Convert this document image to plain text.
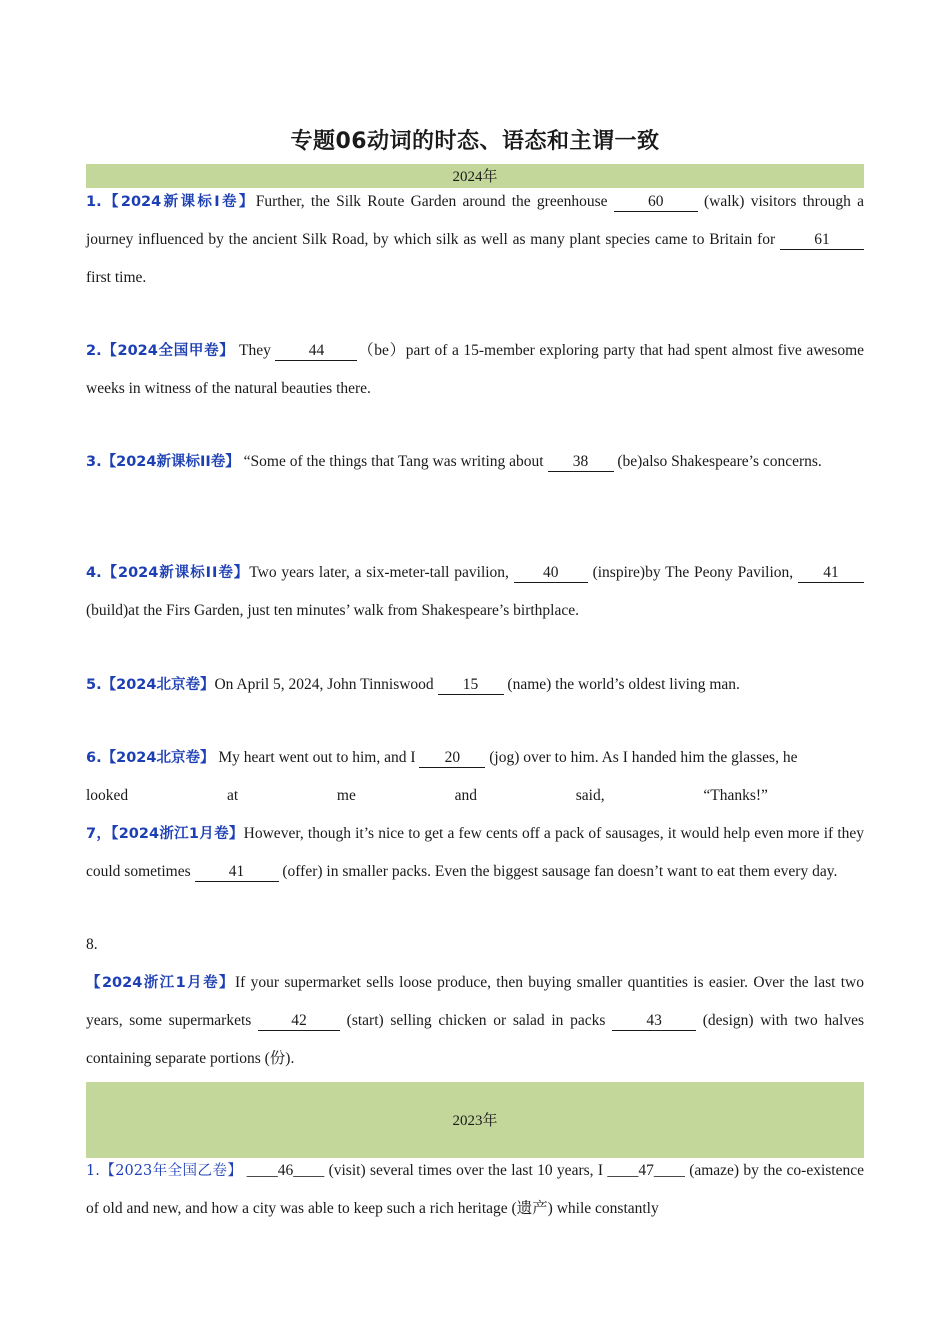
专题06动词的时态、语态和主谓一致
2024年
1.【2024新课标Ⅰ卷】Further, the Silk Route Garden around the greenhouse 60 (walk) visitors through a journey influenced by the ancient Silk Road, by which silk as well as many plant species came to Britain for 61 first time.
2.【2024全国甲卷】 They 44 （be）part of a 15-member exploring party that had spent almost five awesome weeks in witness of the natural beauties there.
3.【2024新课标ⅠⅠ卷】 “Some of the things that Tang was writing about 38 (be)also Shakespeare’s concerns.
4.【2024新课标ⅠⅠ卷】Two years later, a six-meter-tall pavilion, 40 (inspire)by The Peony Pavilion, 41 (build)at the Firs Garden, just ten minutes’ walk from Shakespeare’s birthplace.
5.【2024北京卷】On April 5, 2024, John Tinniswood 15 (name) the world’s oldest living man.
6.【2024北京卷】 My heart went out to him, and I 20 (jog) over to him. As I handed him the glasses, he
looked	at	me	and	said,	“Thanks!”
7，【2024浙江1月卷】However, though it’s nice to get a few cents off a pack of sausages, it would help even more if they could sometimes 41 (offer) in smaller packs. Even the biggest sausage fan doesn’t want to eat them every day.
8.
【2024浙江1月卷】If your supermarket sells loose produce, then buying smaller quantities is easier. Over the last two years, some supermarkets 42 (start) selling chicken or salad in packs 43 (design) with two halves containing separate portions (份).
2023年
1.【2023年全国乙卷】 ____46____ (visit) several times over the last 10 years, I ____47____ (amaze) by the co-existence of old and new, and how a city was able to keep such a rich heritage (遗产) while constantly
